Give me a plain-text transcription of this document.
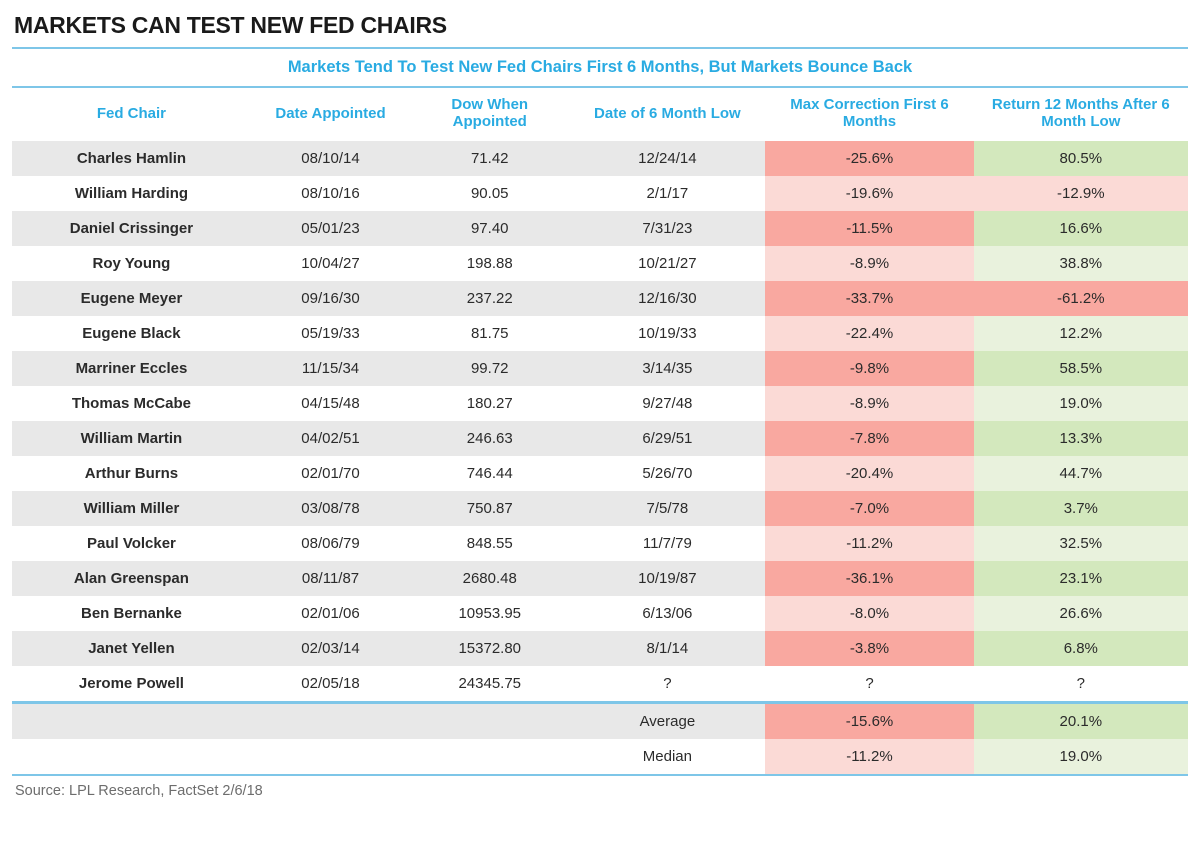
MARKETS CAN TEST NEW FED CHAIRS
Markets Tend To Test New Fed Chairs First 6 Months, But Markets Bounce Back
Fed Chair	Date Appointed	Dow When Appointed	Date of 6 Month Low	Max Correction First 6 Months	Return 12 Months After 6 Month Low
Charles Hamlin	08/10/14	71.42	12/24/14	-25.6%	80.5%
William Harding	08/10/16	90.05	2/1/17	-19.6%	-12.9%
Daniel Crissinger	05/01/23	97.40	7/31/23	-11.5%	16.6%
Roy Young	10/04/27	198.88	10/21/27	-8.9%	38.8%
Eugene Meyer	09/16/30	237.22	12/16/30	-33.7%	-61.2%
Eugene Black	05/19/33	81.75	10/19/33	-22.4%	12.2%
Marriner Eccles	11/15/34	99.72	3/14/35	-9.8%	58.5%
Thomas McCabe	04/15/48	180.27	9/27/48	-8.9%	19.0%
William Martin	04/02/51	246.63	6/29/51	-7.8%	13.3%
Arthur Burns	02/01/70	746.44	5/26/70	-20.4%	44.7%
William Miller	03/08/78	750.87	7/5/78	-7.0%	3.7%
Paul Volcker	08/06/79	848.55	11/7/79	-11.2%	32.5%
Alan Greenspan	08/11/87	2680.48	10/19/87	-36.1%	23.1%
Ben Bernanke	02/01/06	10953.95	6/13/06	-8.0%	26.6%
Janet Yellen	02/03/14	15372.80	8/1/14	-3.8%	6.8%
Jerome Powell	02/05/18	24345.75	?	?	?
			Average	-15.6%	20.1%
			Median	-11.2%	19.0%
Source: LPL Research, FactSet 2/6/18
